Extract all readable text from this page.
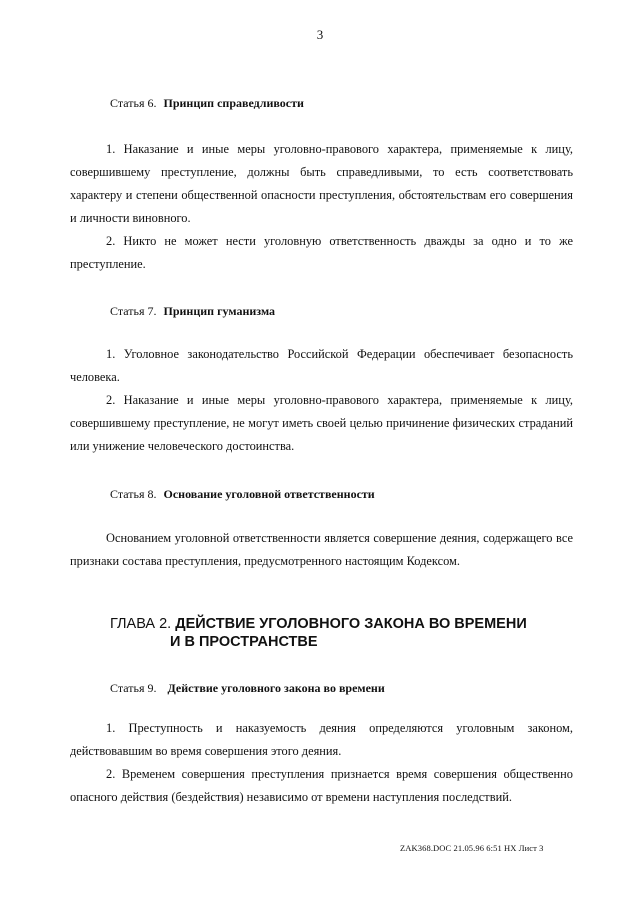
3
Статья 6. Принцип справедливости

1. Наказание и иные меры уголовно-правового характера, применяемые к лицу, совершившему преступление, должны быть справедливыми, то есть соответствовать характеру и степени общественной опасности преступления, обстоятельствам его совершения и личности виновного.

2. Никто не может нести уголовную ответственность дважды за одно и то же преступление.

Статья 7. Принцип гуманизма

1. Уголовное законодательство Российской Федерации обеспечивает безопасность человека.

2. Наказание и иные меры уголовно-правового характера, применяемые к лицу, совершившему преступление, не могут иметь своей целью причинение физических страданий или унижение человеческого достоинства.

Статья 8. Основание уголовной ответственности

Основанием уголовной ответственности является совершение деяния, содержащего все признаки состава преступления, предусмотренного настоящим Кодексом.

ГЛАВА 2. ДЕЙСТВИЕ УГОЛОВНОГО ЗАКОНА ВО ВРЕМЕНИ
И В ПРОСТРАНСТВЕ
Статья 9. Действие уголовного закона во времени

1. Преступность и наказуемость деяния определяются уголовным законом, действовавшим во время совершения этого деяния.

2. Временем совершения преступления признается время совершения общественно опасного действия (бездействия) независимо от времени наступления последствий.

ZAK368.DOC 21.05.96 6:51 НХ Лист 3
